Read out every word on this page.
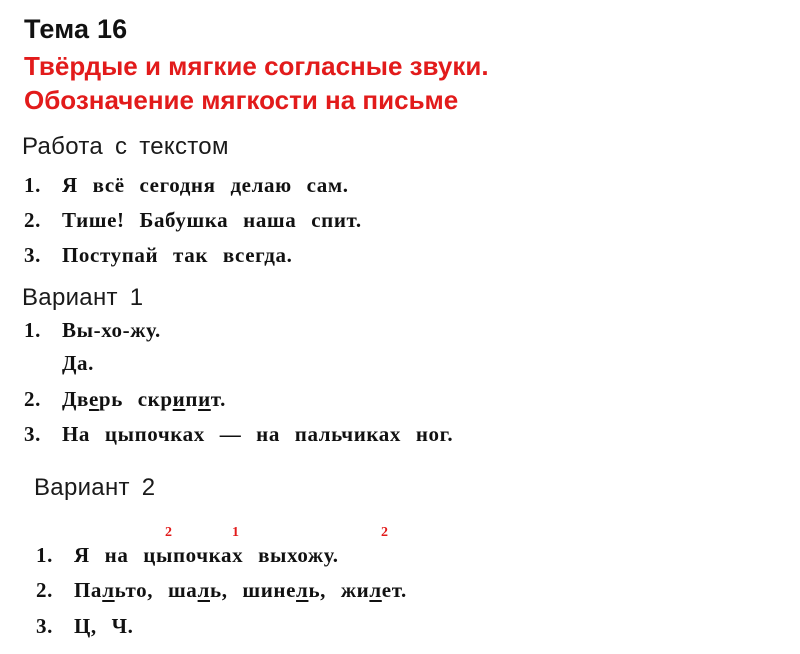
Тема 16
Твёрдые и мягкие согласные звуки.
Обозначение мягкости на письме
Работа с текстом
1. Я всё сегодня делаю сам.
2. Тише! Бабушка наша спит.
3. Поступай так всегда.
Вариант 1
1. Вы-хо-жу.
Да.
2. Дверь скрипит.
3. На цыпочках — на пальчиках ног.
Вариант 2
2	1	2
1. Я на цыпочках выхожу.
2. Пальто, шаль, шинель, жилет.
3. Ц, Ч.
